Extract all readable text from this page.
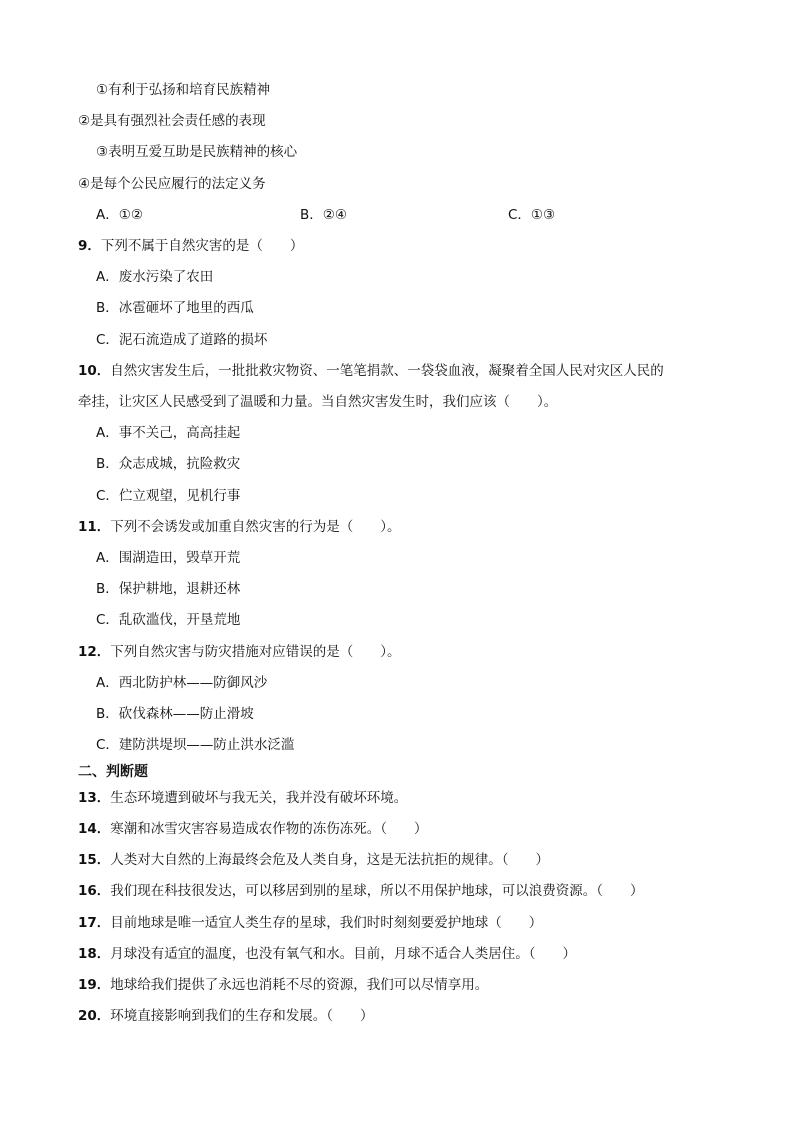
①有利于弘扬和培育民族精神
②是具有强烈社会责任感的表现
③表明互爱互助是民族精神的核心
④是每个公民应履行的法定义务
A．①②	B．②④	C．①③
9．下列不属于自然灾害的是（　　）
A．废水污染了农田
B．冰雹砸坏了地里的西瓜
C．泥石流造成了道路的损坏
10．自然灾害发生后，一批批救灾物资、一笔笔捐款、一袋袋血液，凝聚着全国人民对灾区人民的
牵挂，让灾区人民感受到了温暖和力量。当自然灾害发生时，我们应该（　　）。
A．事不关己，高高挂起
B．众志成城，抗险救灾
C．伫立观望，见机行事
11．下列不会诱发或加重自然灾害的行为是（　　）。
A．围湖造田，毁草开荒
B．保护耕地，退耕还林
C．乱砍滥伐，开垦荒地
12．下列自然灾害与防灾措施对应错误的是（　　）。
A．西北防护林——防御风沙
B．砍伐森林——防止滑坡
C．建防洪堤坝——防止洪水泛滥
二、判断题
13．生态环境遭到破坏与我无关，我并没有破坏环境。
14．寒潮和冰雪灾害容易造成农作物的冻伤冻死。（　　）
15．人类对大自然的上海最终会危及人类自身，这是无法抗拒的规律。（　　）
16．我们现在科技很发达，可以移居到别的星球，所以不用保护地球，可以浪费资源。（　　）
17．目前地球是唯一适宜人类生存的星球，我们时时刻刻要爱护地球（　　）
18．月球没有适宜的温度，也没有氧气和水。目前，月球不适合人类居住。（　　）
19．地球给我们提供了永远也消耗不尽的资源，我们可以尽情享用。
20．环境直接影响到我们的生存和发展。（　　）
